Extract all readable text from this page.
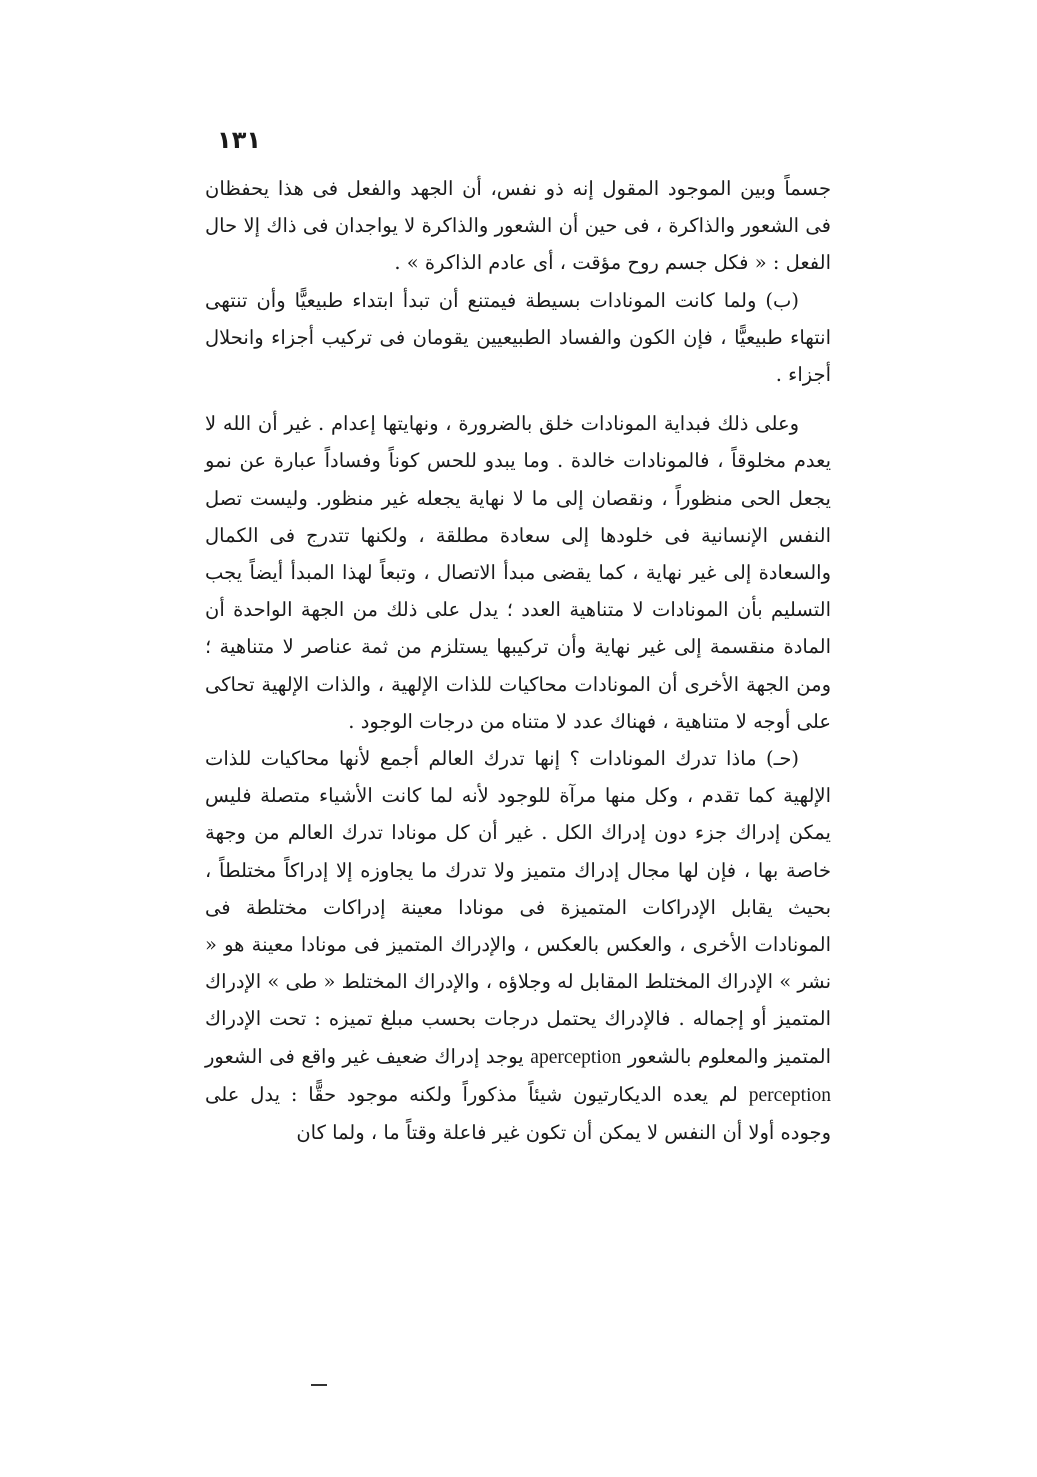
١٣١

جسماً وبين الموجود المقول إنه ذو نفس، أن الجهد والفعل فى هذا يحفظان فى الشعور والذاكرة ، فى حين أن الشعور والذاكرة لا يواجدان فى ذاك إلا حال الفعل : « فكل جسم روح مؤقت ، أى عادم الذاكرة » .

(ب) ولما كانت المونادات بسيطة فيمتنع أن تبدأ ابتداء طبيعيًّا وأن تنتهى انتهاء طبيعيًّا ، فإن الكون والفساد الطبيعيين يقومان فى تركيب أجزاء وانحلال أجزاء .

وعلى ذلك فبداية المونادات خلق بالضرورة ، ونهايتها إعدام . غير أن الله لا يعدم مخلوقاً ، فالمونادات خالدة . وما يبدو للحس كوناً وفساداً عبارة عن نمو يجعل الحى منظوراً ، ونقصان إلى ما لا نهاية يجعله غير منظور. وليست تصل النفس الإنسانية فى خلودها إلى سعادة مطلقة ، ولكنها تتدرج فى الكمال والسعادة إلى غير نهاية ، كما يقضى مبدأ الاتصال ، وتبعاً لهذا المبدأ أيضاً يجب التسليم بأن المونادات لا متناهية العدد ؛ يدل على ذلك من الجهة الواحدة أن المادة منقسمة إلى غير نهاية وأن تركيبها يستلزم من ثمة عناصر لا متناهية ؛ ومن الجهة الأخرى أن المونادات محاكيات للذات الإلهية ، والذات الإلهية تحاكى على أوجه لا متناهية ، فهناك عدد لا متناه من درجات الوجود .

(حـ) ماذا تدرك المونادات ؟ إنها تدرك العالم أجمع لأنها محاكيات للذات الإلهية كما تقدم ، وكل منها مرآة للوجود لأنه لما كانت الأشياء متصلة فليس يمكن إدراك جزء دون إدراك الكل . غير أن كل مونادا تدرك العالم من وجهة خاصة بها ، فإن لها مجال إدراك متميز ولا تدرك ما يجاوزه إلا إدراكاً مختلطاً ، بحيث يقابل الإدراكات المتميزة فى مونادا معينة إدراكات مختلطة فى المونادات الأخرى ، والعكس بالعكس ، والإدراك المتميز فى مونادا معينة هو « نشر » الإدراك المختلط المقابل له وجلاؤه ، والإدراك المختلط « طى » الإدراك المتميز أو إجماله . فالإدراك يحتمل درجات بحسب مبلغ تميزه : تحت الإدراك المتميز والمعلوم بالشعور aperception يوجد إدراك ضعيف غير واقع فى الشعور perception لم يعده الديكارتيون شيئاً مذكوراً ولكنه موجود حقًّا : يدل على وجوده أولا أن النفس لا يمكن أن تكون غير فاعلة وقتاً ما ، ولما كان
